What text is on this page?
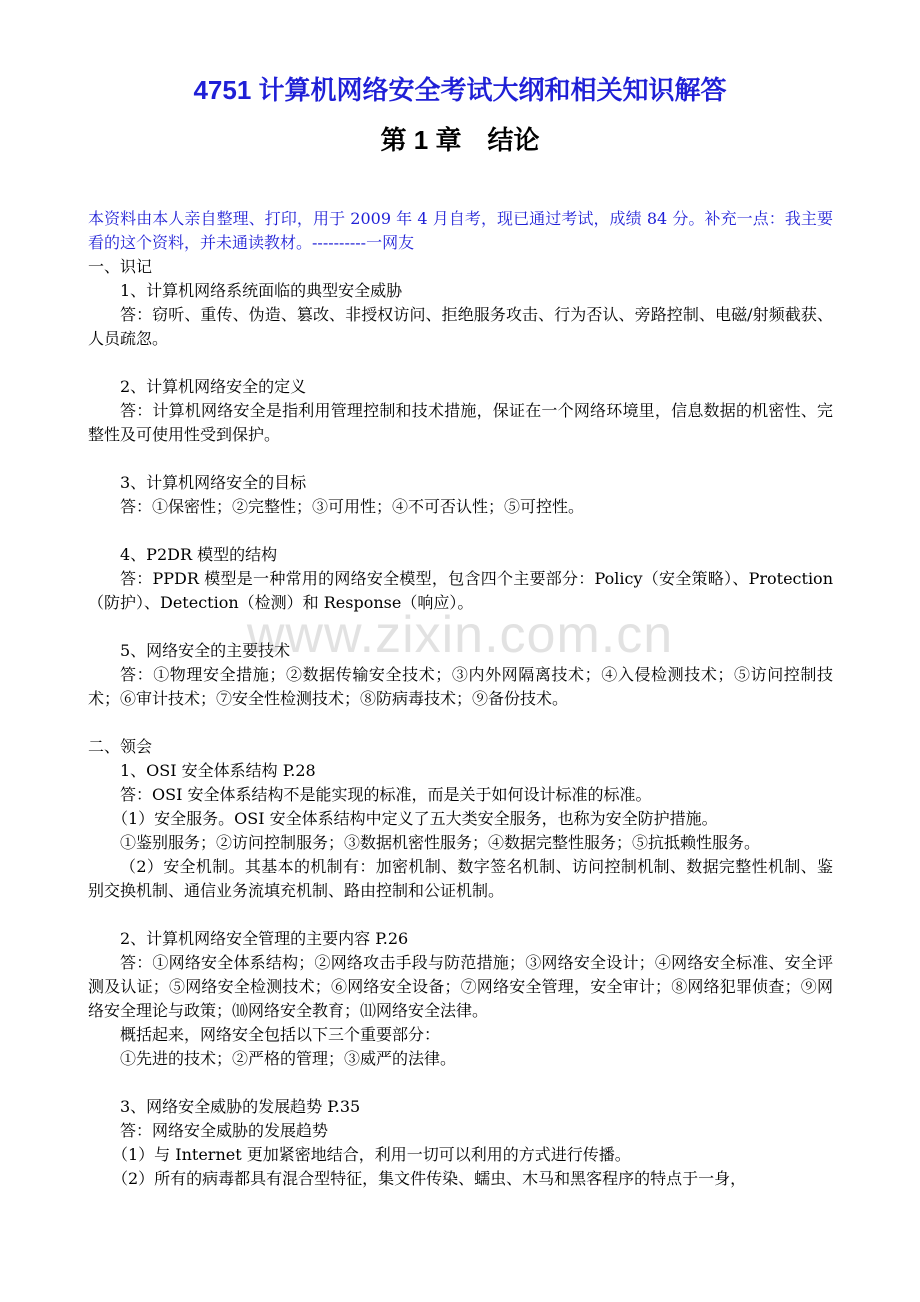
4751 计算机网络安全考试大纲和相关知识解答
第 1 章　结论

本资料由本人亲自整理、打印，用于 2009 年 4 月自考，现已通过考试，成绩 84 分。补充一点：我主要看的这个资料，并未通读教材。----------一网友

一、识记

1、计算机网络系统面临的典型安全威胁

答：窃听、重传、伪造、篡改、非授权访问、拒绝服务攻击、行为否认、旁路控制、电磁/射频截获、人员疏忽。

2、计算机网络安全的定义

答：计算机网络安全是指利用管理控制和技术措施，保证在一个网络环境里，信息数据的机密性、完整性及可使用性受到保护。

3、计算机网络安全的目标

答：①保密性；②完整性；③可用性；④不可否认性；⑤可控性。

4、P2DR 模型的结构

答：PPDR 模型是一种常用的网络安全模型，包含四个主要部分：Policy（安全策略）、Protection（防护）、Detection（检测）和 Response（响应）。

5、网络安全的主要技术

答：①物理安全措施；②数据传输安全技术；③内外网隔离技术；④入侵检测技术；⑤访问控制技术；⑥审计技术；⑦安全性检测技术；⑧防病毒技术；⑨备份技术。

二、领会

1、OSI 安全体系结构 P.28

答：OSI 安全体系结构不是能实现的标准，而是关于如何设计标准的标准。

（1）安全服务。OSI 安全体系结构中定义了五大类安全服务，也称为安全防护措施。

①鉴别服务；②访问控制服务；③数据机密性服务；④数据完整性服务；⑤抗抵赖性服务。

（2）安全机制。其基本的机制有：加密机制、数字签名机制、访问控制机制、数据完整性机制、鉴别交换机制、通信业务流填充机制、路由控制和公证机制。

2、计算机网络安全管理的主要内容 P.26

答：①网络安全体系结构；②网络攻击手段与防范措施；③网络安全设计；④网络安全标准、安全评测及认证；⑤网络安全检测技术；⑥网络安全设备；⑦网络安全管理，安全审计；⑧网络犯罪侦查；⑨网络安全理论与政策；⑽网络安全教育；⑾网络安全法律。

概括起来，网络安全包括以下三个重要部分：

①先进的技术；②严格的管理；③威严的法律。

3、网络安全威胁的发展趋势 P.35

答：网络安全威胁的发展趋势

（1）与 Internet 更加紧密地结合，利用一切可以利用的方式进行传播。

（2）所有的病毒都具有混合型特征，集文件传染、蠕虫、木马和黑客程序的特点于一身，

www.zixin.com.cn
